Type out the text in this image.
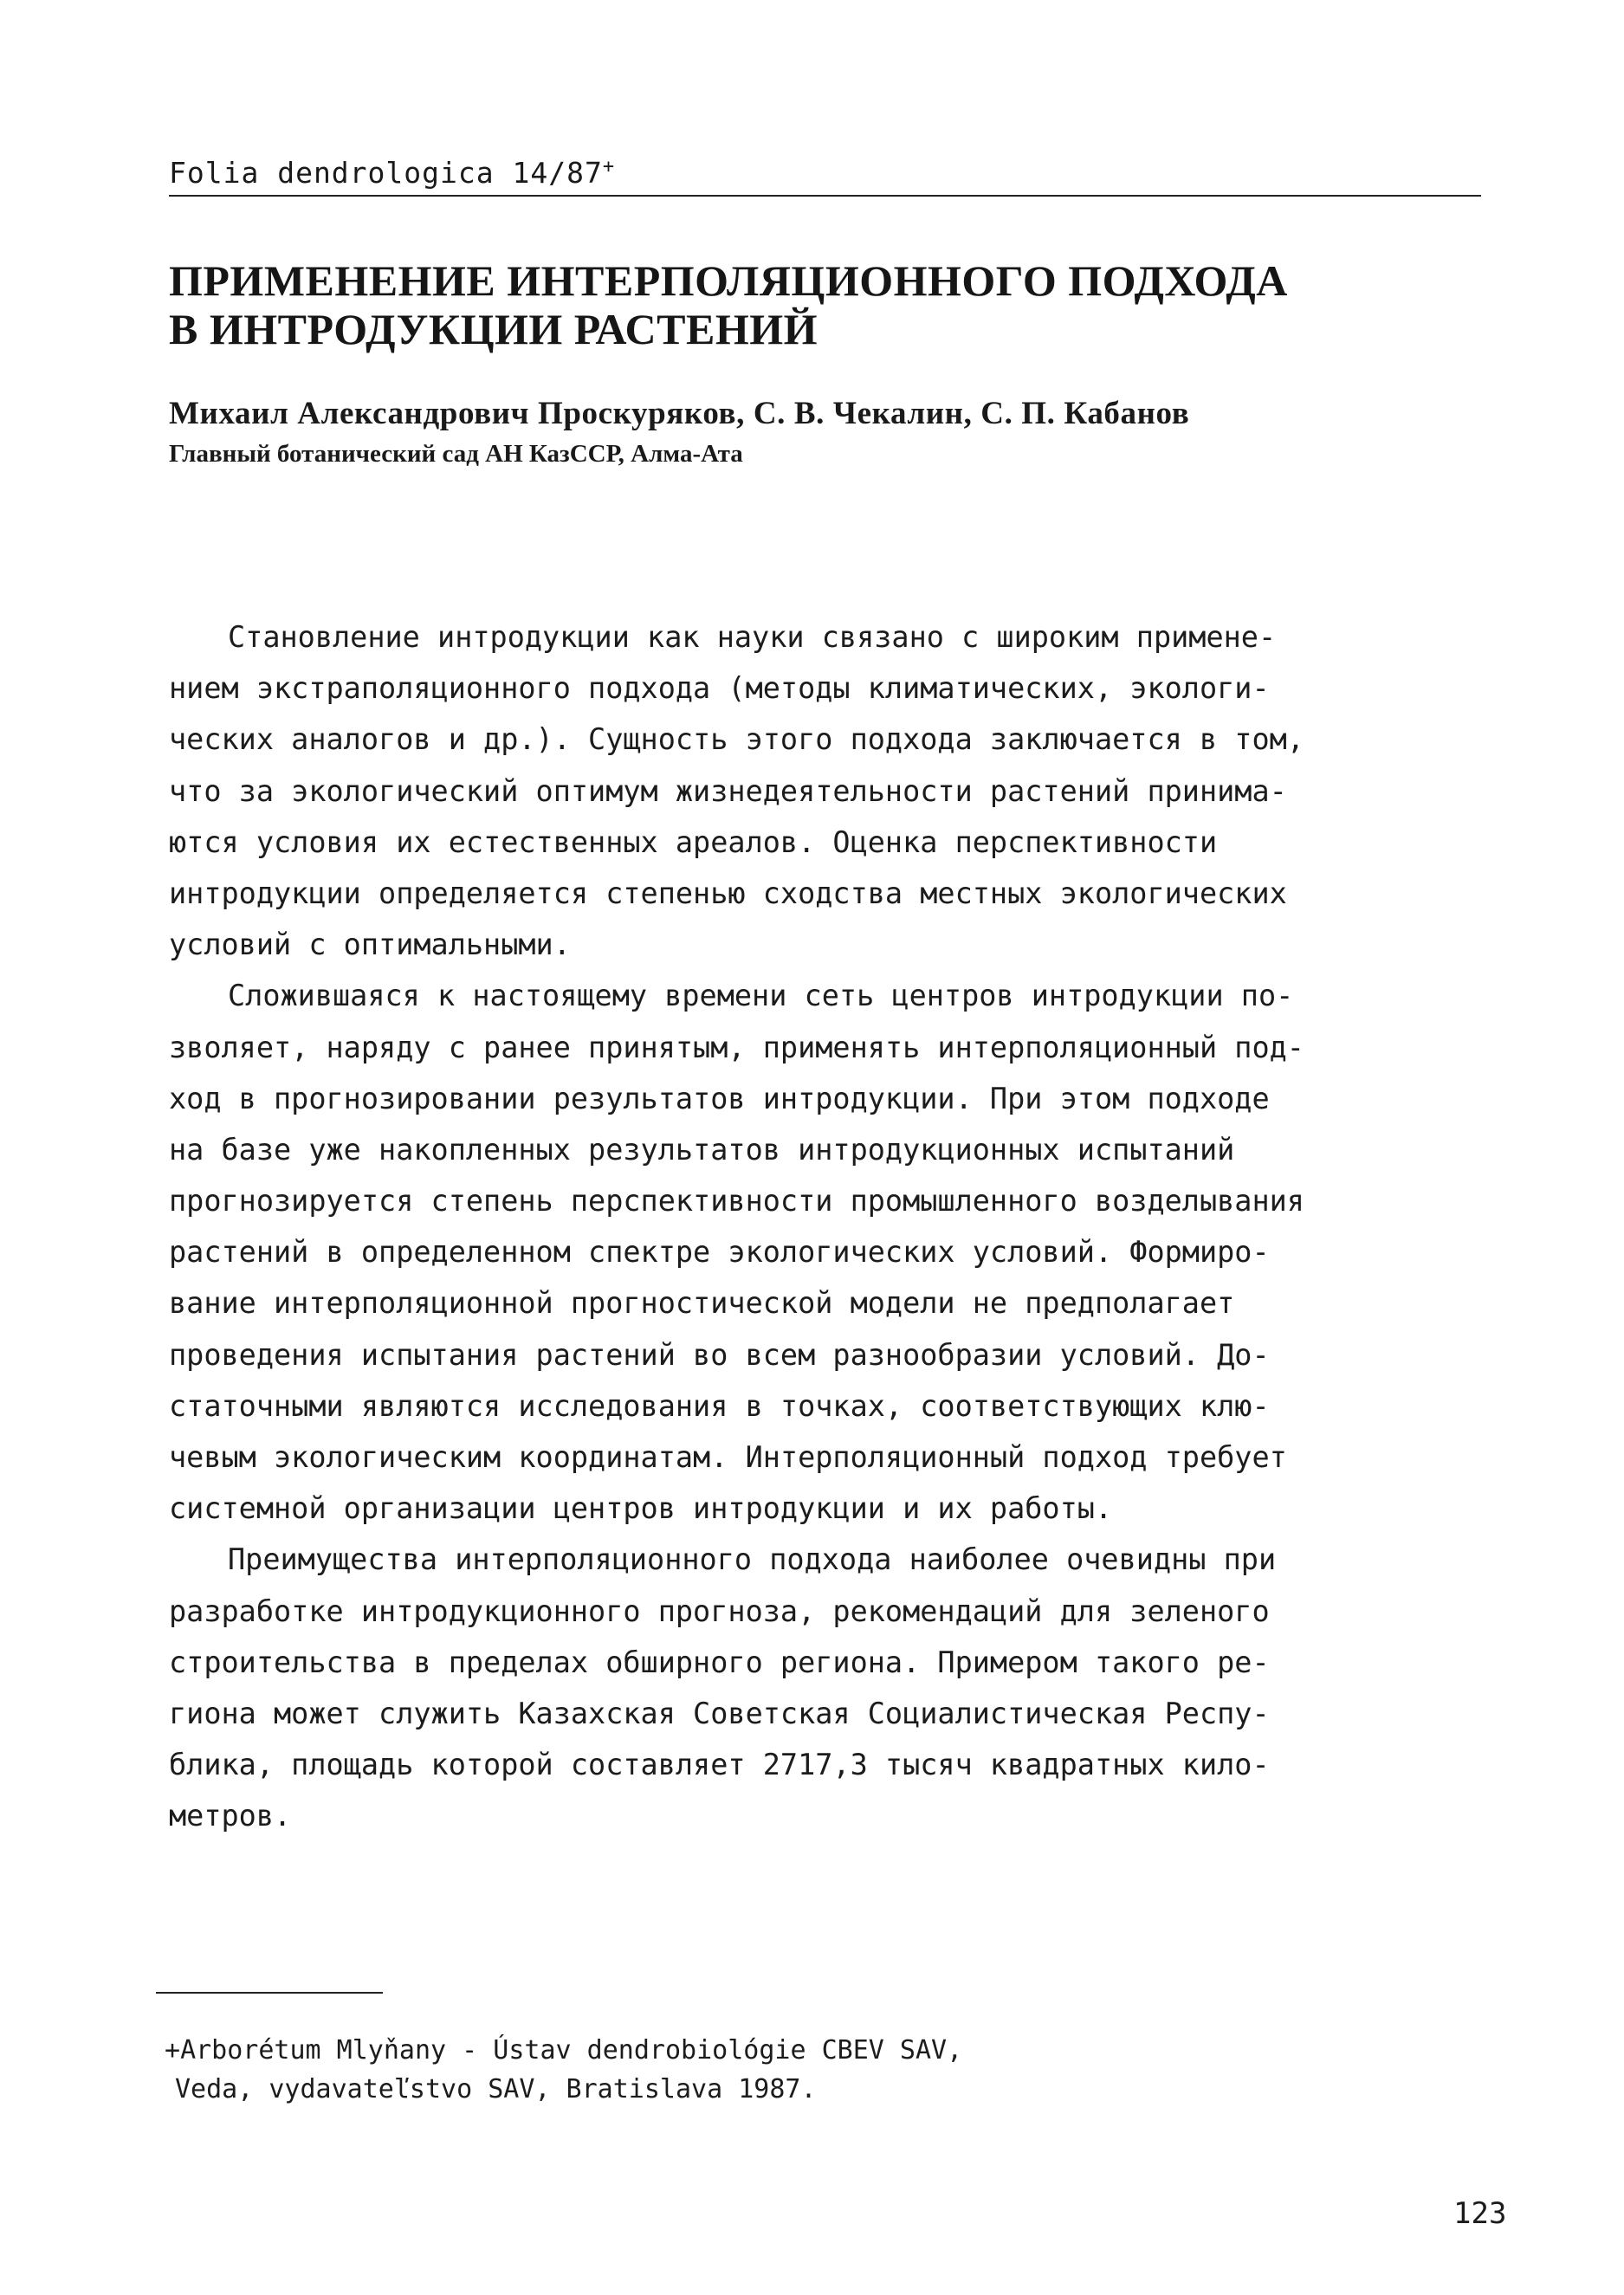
Folia dendrologica 14/87+
ПРИМЕНЕНИЕ ИНТЕРПОЛЯЦИОННОГО ПОДХОДА
В ИНТРОДУКЦИИ РАСТЕНИЙ
Михаил Александрович Проскуряков, С. В. Чекалин, С. П. Кабанов
Главный ботанический сад АН КазССР, Алма-Ата
Становление интродукции как науки связано с широким примене-
нием экстраполяционного подхода (методы климатических, экологи-
ческих аналогов и др.). Сущность этого подхода заключается в том,
что за экологический оптимум жизнедеятельности растений принима-
ются условия их естественных ареалов. Оценка перспективности
интродукции определяется степенью сходства местных экологических
условий с оптимальными.
Сложившаяся к настоящему времени сеть центров интродукции по-
зволяет, наряду с ранее принятым, применять интерполяционный под-
ход в прогнозировании результатов интродукции. При этом подходе
на базе уже накопленных результатов интродукционных испытаний
прогнозируется степень перспективности промышленного возделывания
растений в определенном спектре экологических условий. Формиро-
вание интерполяционной прогностической модели не предполагает
проведения испытания растений во всем разнообразии условий. До-
статочными являются исследования в точках, соответствующих клю-
чевым экологическим координатам. Интерполяционный подход требует
системной организации центров интродукции и их работы.
Преимущества интерполяционного подхода наиболее очевидны при
разработке интродукционного прогноза, рекомендаций для зеленого
строительства в пределах обширного региона. Примером такого ре-
гиона может служить Казахская Советская Социалистическая Респу-
блика, площадь которой составляет 2717,3 тысяч квадратных кило-
метров.
+Arborétum Mlyňany - Ústav dendrobiológie CBEV SAV,
Veda, vydavateľstvo SAV, Bratislava 1987.
123
